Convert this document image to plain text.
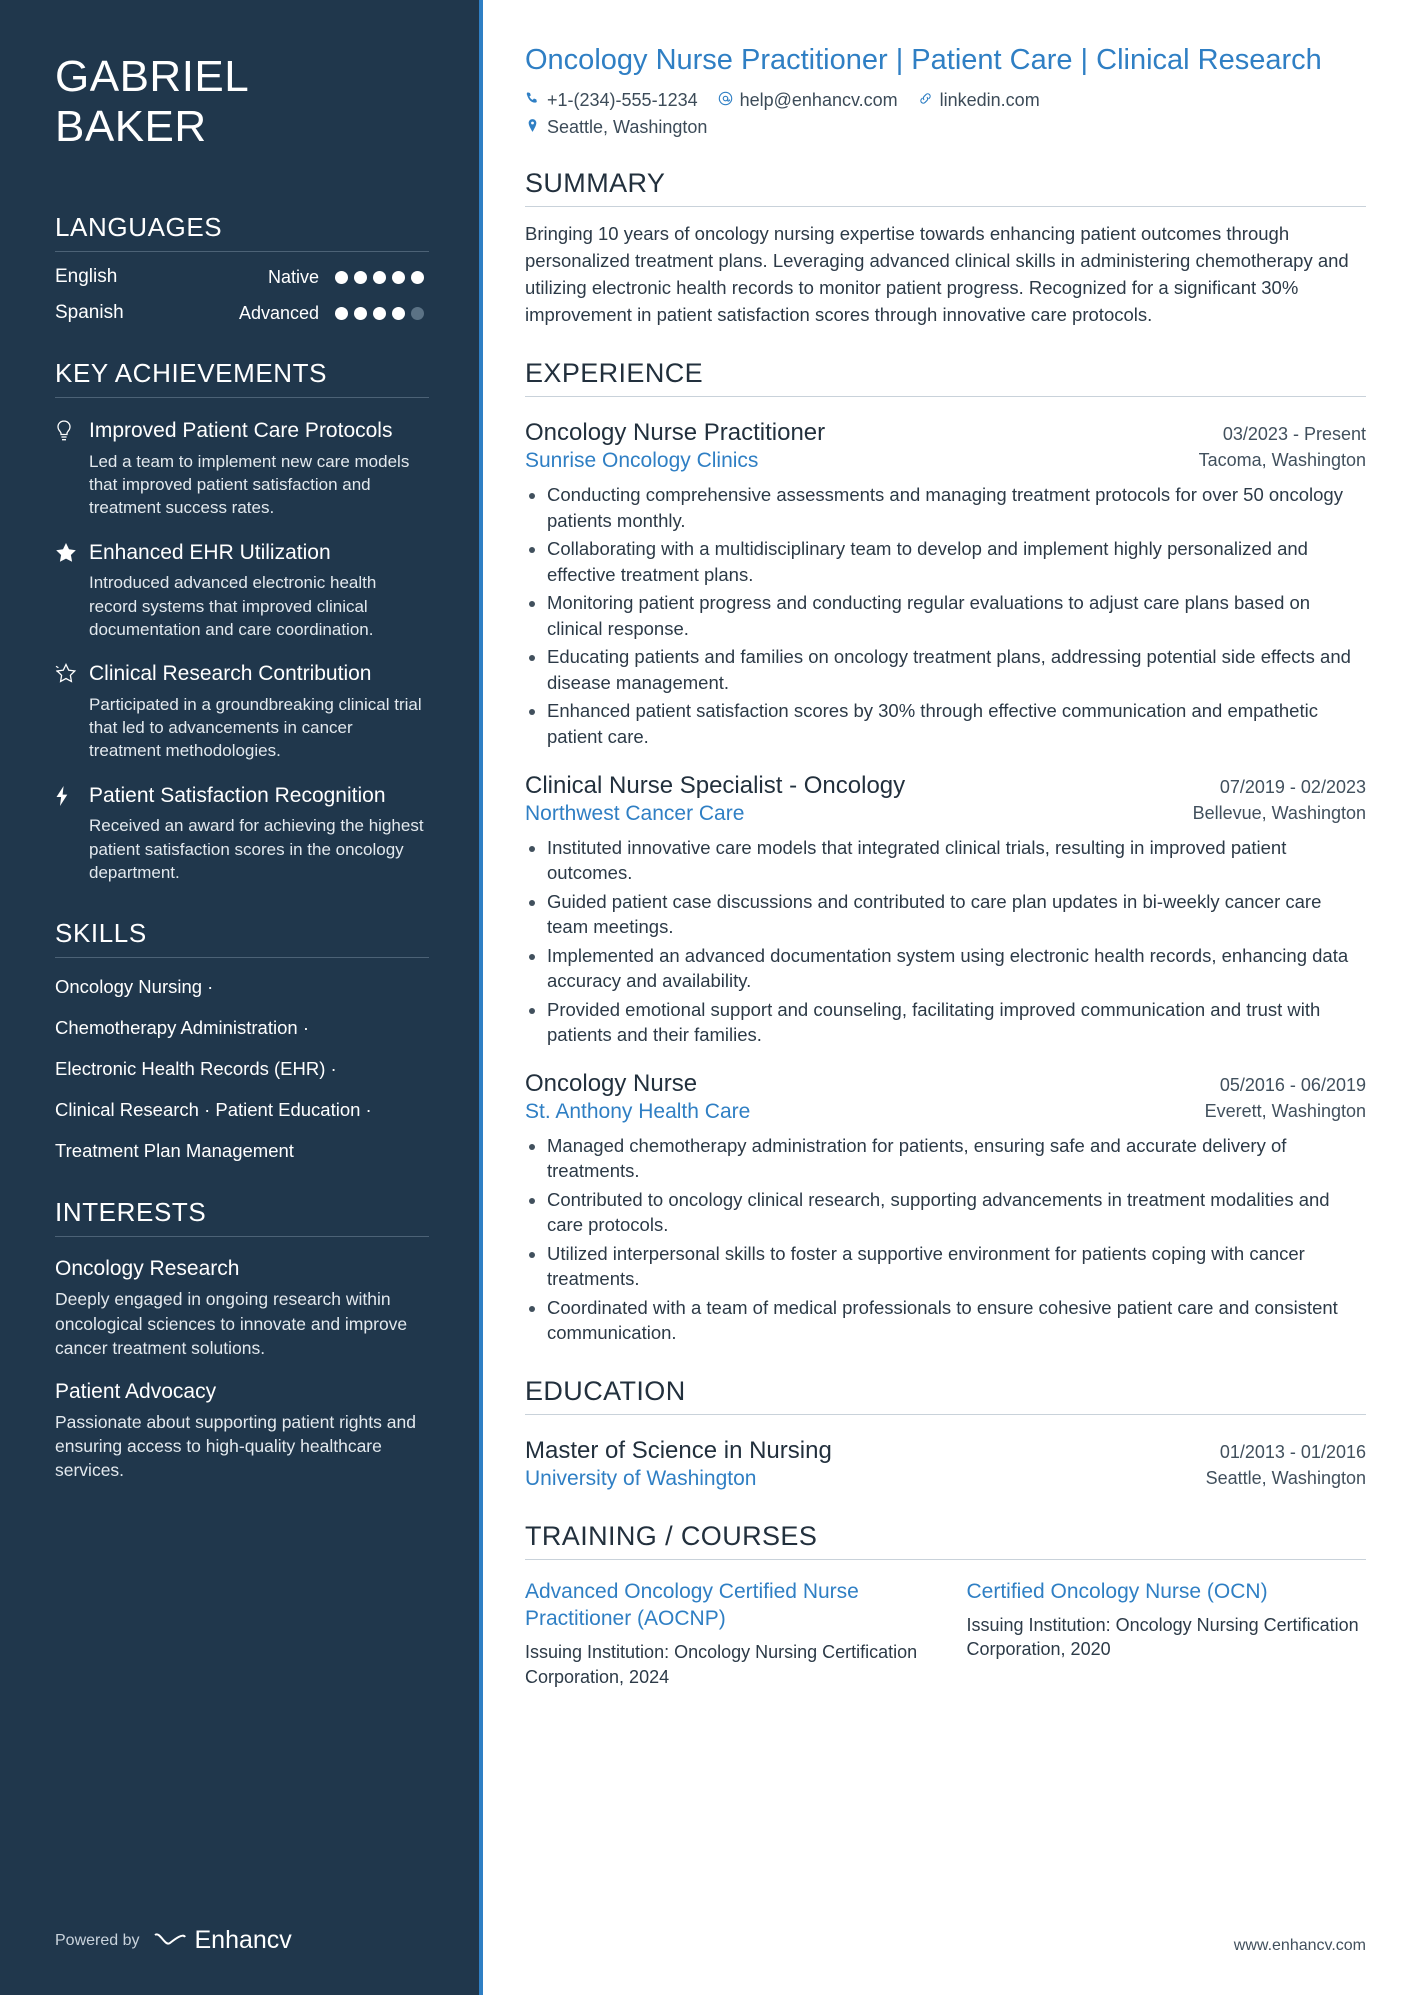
GABRIEL
BAKER
LANGUAGES
English	Native
Spanish	Advanced
KEY ACHIEVEMENTS
Improved Patient Care Protocols
Led a team to implement new care models that improved patient satisfaction and treatment success rates.
Enhanced EHR Utilization
Introduced advanced electronic health record systems that improved clinical documentation and care coordination.
Clinical Research Contribution
Participated in a groundbreaking clinical trial that led to advancements in cancer treatment methodologies.
Patient Satisfaction Recognition
Received an award for achieving the highest patient satisfaction scores in the oncology department.
SKILLS
Oncology Nursing ·
Chemotherapy Administration ·
Electronic Health Records (EHR) ·
Clinical Research · Patient Education ·
Treatment Plan Management
INTERESTS
Oncology Research
Deeply engaged in ongoing research within oncological sciences to innovate and improve cancer treatment solutions.
Patient Advocacy
Passionate about supporting patient rights and ensuring access to high-quality healthcare services.
Powered by Enhancv
Oncology Nurse Practitioner | Patient Care | Clinical Research
+1-(234)-555-1234 help@enhancv.com linkedin.com
Seattle, Washington
SUMMARY
Bringing 10 years of oncology nursing expertise towards enhancing patient outcomes through personalized treatment plans. Leveraging advanced clinical skills in administering chemotherapy and utilizing electronic health records to monitor patient progress. Recognized for a significant 30% improvement in patient satisfaction scores through innovative care protocols.
EXPERIENCE
Oncology Nurse Practitioner	03/2023 - Present
Sunrise Oncology Clinics	Tacoma, Washington
• Conducting comprehensive assessments and managing treatment protocols for over 50 oncology patients monthly.
• Collaborating with a multidisciplinary team to develop and implement highly personalized and effective treatment plans.
• Monitoring patient progress and conducting regular evaluations to adjust care plans based on clinical response.
• Educating patients and families on oncology treatment plans, addressing potential side effects and disease management.
• Enhanced patient satisfaction scores by 30% through effective communication and empathetic patient care.
Clinical Nurse Specialist - Oncology	07/2019 - 02/2023
Northwest Cancer Care	Bellevue, Washington
• Instituted innovative care models that integrated clinical trials, resulting in improved patient outcomes.
• Guided patient case discussions and contributed to care plan updates in bi-weekly cancer care team meetings.
• Implemented an advanced documentation system using electronic health records, enhancing data accuracy and availability.
• Provided emotional support and counseling, facilitating improved communication and trust with patients and their families.
Oncology Nurse	05/2016 - 06/2019
St. Anthony Health Care	Everett, Washington
• Managed chemotherapy administration for patients, ensuring safe and accurate delivery of treatments.
• Contributed to oncology clinical research, supporting advancements in treatment modalities and care protocols.
• Utilized interpersonal skills to foster a supportive environment for patients coping with cancer treatments.
• Coordinated with a team of medical professionals to ensure cohesive patient care and consistent communication.
EDUCATION
Master of Science in Nursing	01/2013 - 01/2016
University of Washington	Seattle, Washington
TRAINING / COURSES
Advanced Oncology Certified Nurse Practitioner (AOCNP)
Issuing Institution: Oncology Nursing Certification Corporation, 2024
Certified Oncology Nurse (OCN)
Issuing Institution: Oncology Nursing Certification Corporation, 2020
www.enhancv.com
